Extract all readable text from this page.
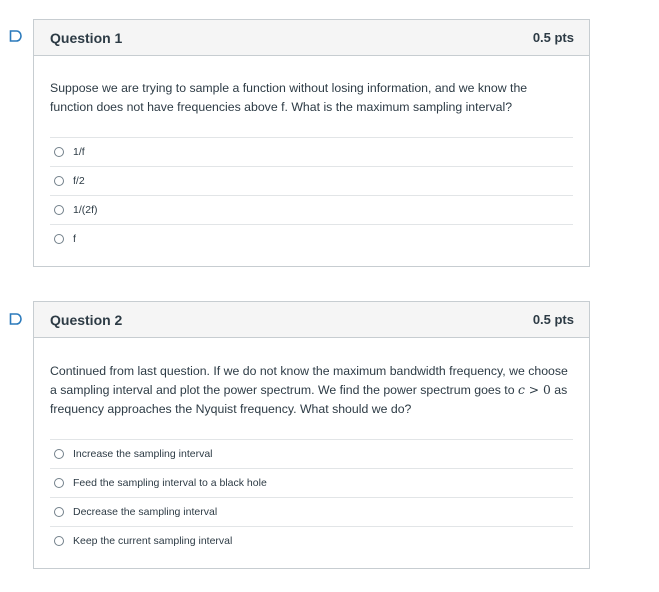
Question 1	0.5 pts
Suppose we are trying to sample a function without losing information, and we know the function does not have frequencies above f. What is the maximum sampling interval?
1/f
f/2
1/(2f)
f
Question 2	0.5 pts
Continued from last question. If we do not know the maximum bandwidth frequency, we choose a sampling interval and plot the power spectrum. We find the power spectrum goes to c > 0 as frequency approaches the Nyquist frequency. What should we do?
Increase the sampling interval
Feed the sampling interval to a black hole
Decrease the sampling interval
Keep the current sampling interval
